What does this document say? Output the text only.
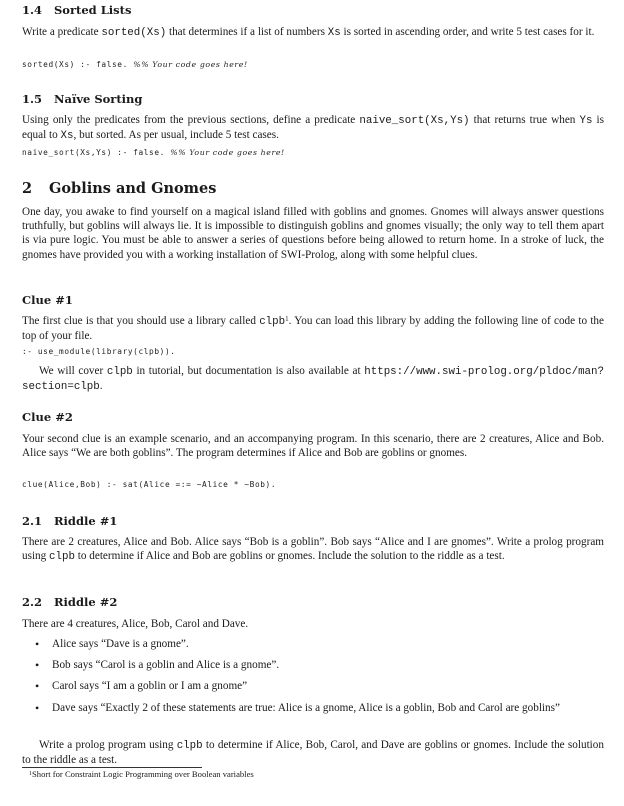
1.4 Sorted Lists
Write a predicate sorted(Xs) that determines if a list of numbers Xs is sorted in ascending order, and write 5 test cases for it.
sorted(Xs) :- false. %% Your code goes here!
1.5 Naïve Sorting
Using only the predicates from the previous sections, define a predicate naive_sort(Xs,Ys) that returns true when Ys is equal to Xs, but sorted. As per usual, include 5 test cases.
naive_sort(Xs,Ys) :- false. %% Your code goes here!
2 Goblins and Gnomes
One day, you awake to find yourself on a magical island filled with goblins and gnomes. Gnomes will always answer questions truthfully, but goblins will always lie. It is impossible to distinguish goblins and gnomes visually; the only way to tell them apart is via pure logic. You must be able to answer a series of questions before being allowed to return home. In a stroke of luck, the gnomes have provided you with a working installation of SWI-Prolog, along with some helpful clues.
Clue #1
The first clue is that you should use a library called clpb$^1$. You can load this library by adding the following line of code to the top of your file.
:- use_module(library(clpb)).
We will cover clpb in tutorial, but documentation is also available at https://www.swi-prolog.org/pldoc/man?section=clpb.
Clue #2
Your second clue is an example scenario, and an accompanying program. In this scenario, there are 2 creatures, Alice and Bob. Alice says “We are both goblins”. The program determines if Alice and Bob are goblins or gnomes.
clue(Alice,Bob) :- sat(Alice =:= ~Alice * ~Bob).
2.1 Riddle #1
There are 2 creatures, Alice and Bob. Alice says “Bob is a goblin”. Bob says “Alice and I are gnomes”. Write a prolog program using clpb to determine if Alice and Bob are goblins or gnomes. Include the solution to the riddle as a test.
2.2 Riddle #2
There are 4 creatures, Alice, Bob, Carol and Dave.
• Alice says “Dave is a gnome”.
• Bob says “Carol is a goblin and Alice is a gnome”.
• Carol says “I am a goblin or I am a gnome”
• Dave says “Exactly 2 of these statements are true: Alice is a gnome, Alice is a goblin, Bob and Carol are goblins”
Write a prolog program using clpb to determine if Alice, Bob, Carol, and Dave are goblins or gnomes. Include the solution to the riddle as a test.
$^1$Short for Constraint Logic Programming over Boolean variables
